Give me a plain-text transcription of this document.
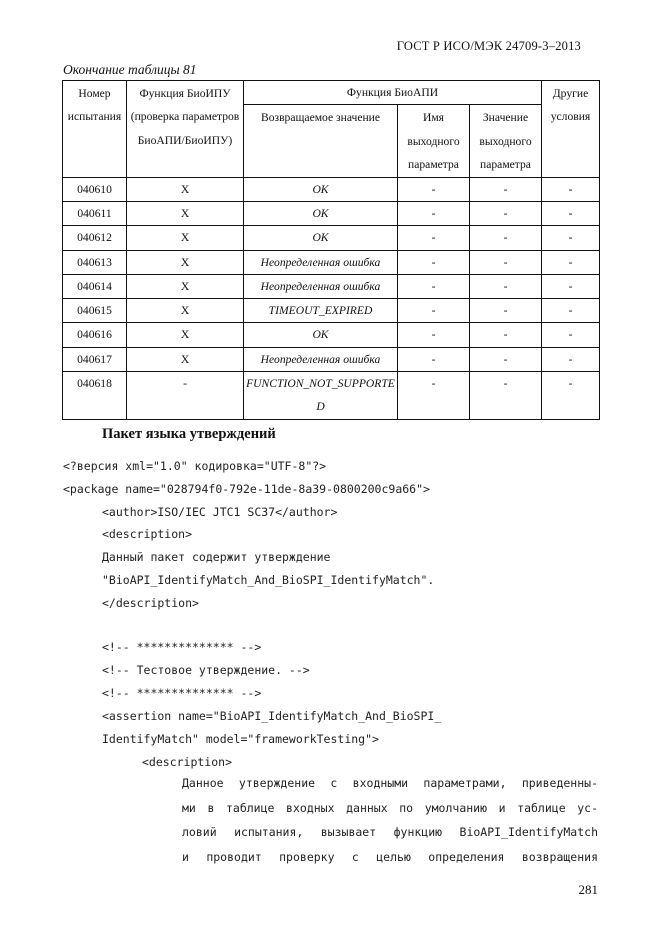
ГОСТ Р ИСО/МЭК 24709-3–2013
Окончание таблицы 81
Номер испытания	Функция БиоИПУ (проверка параметров БиоАПИ/БиоИПУ)	Функция БиоАПИ			Другие условия
		Возвращаемое значение	Имя выходного параметра	Значение выходного параметра	
040610	X	OK	-	-	-
040611	X	OK	-	-	-
040612	X	OK	-	-	-
040613	X	Неопределенная ошибка	-	-	-
040614	X	Неопределенная ошибка	-	-	-
040615	X	TIMEOUT_EXPIRED	-	-	-
040616	X	OK	-	-	-
040617	X	Неопределенная ошибка	-	-	-
040618	-	FUNCTION_NOT_SUPPORTED	-	-	-
Пакет языка утверждений
<?версия xml="1.0" кодировка="UTF-8"?>
<package name="028794f0-792e-11de-8a39-0800200c9a66">
<author>ISO/IEC JTC1 SC37</author>
<description>
Данный пакет содержит утверждение
"BioAPI_IdentifyMatch_And_BioSPI_IdentifyMatch".
</description>
<!-- ************** -->
<!-- Тестовое утверждение. -->
<!-- ************** -->
<assertion name="BioAPI_IdentifyMatch_And_BioSPI_
IdentifyMatch" model="frameworkTesting">
<description>
Данное утверждение с входными параметрами, приведенны-
ми в таблице входных данных по умолчанию и таблице ус-
ловий испытания, вызывает функцию BioAPI_IdentifyMatch
и проводит проверку с целью определения возвращения
281
